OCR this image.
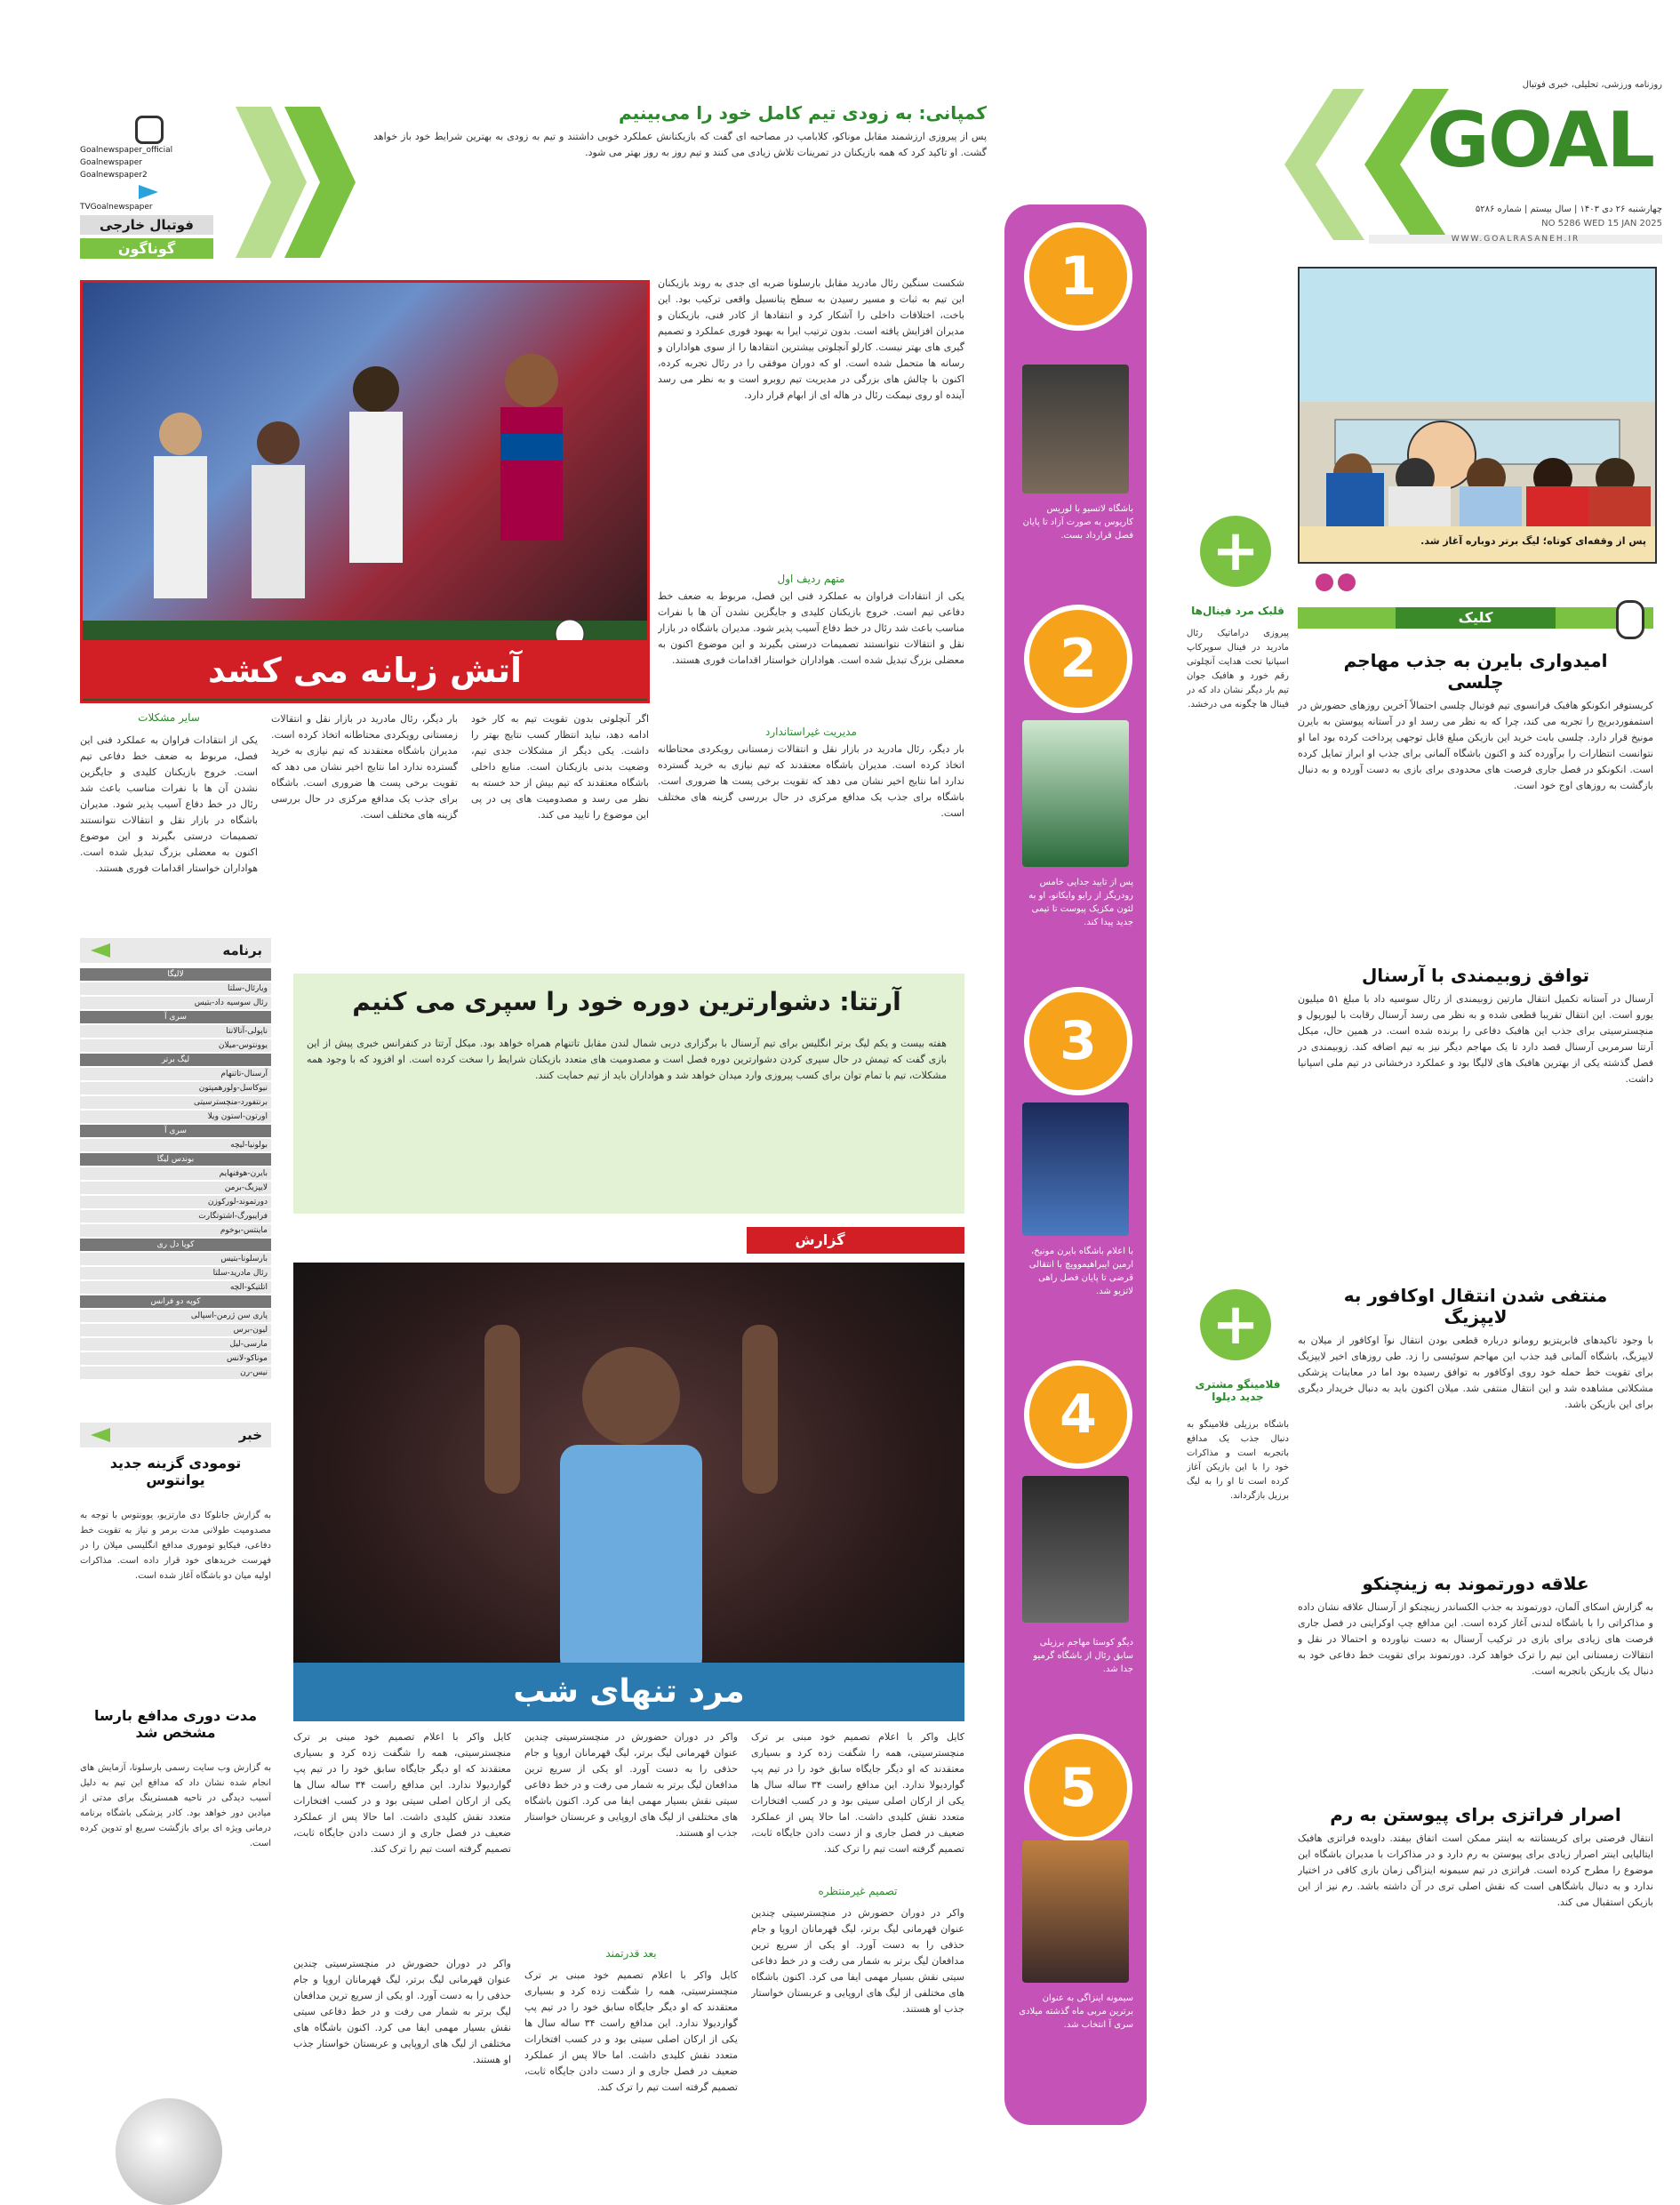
روزنامه ورزشی، تحلیلی، خبری فوتبال
GOAL
چهارشنبه ۲۶ دی ۱۴۰۳ | سال بیستم | شماره ۵۲۸۶
NO 5286 WED 15 JAN 2025
WWW.GOALRASANEH.IR
Goalnewspaper_official
Goalnewspaper
Goalnewspaper2
TVGoalnewspaper
فوتبال خارجی
گوناگون
کمپانی: به زودی تیم کامل خود را می‌بینیم
پس از پیروزی ارزشمند مقابل موناکو، کلابامپ در مصاحبه ای گفت که بازیکنانش عملکرد خوبی داشتند و تیم به زودی به بهترین شرایط خود باز خواهد گشت. او تاکید کرد که همه بازیکنان در تمرینات تلاش زیادی می کنند و تیم روز به روز بهتر می شود.
پس از وقفه‌ای کوتاه؛ لیگ برتر دوباره آغاز شد.
کلیک
امیدواری بایرن به جذب مهاجم چلسی
کریستوفر انکونکو هافبک فرانسوی تیم فوتبال چلسی احتمالاً آخرین روزهای حضورش در استمفوردبریج را تجربه می کند، چرا که به نظر می رسد او در آستانه پیوستن به بایرن مونیخ قرار دارد. چلسی بابت خرید این بازیکن مبلغ قابل توجهی پرداخت کرده بود اما او نتوانست انتظارات را برآورده کند و اکنون باشگاه آلمانی برای جذب او ابراز تمایل کرده است. انکونکو در فصل جاری فرصت های محدودی برای بازی به دست آورده و به دنبال بازگشت به روزهای اوج خود است.
توافق زوبیمندی با آرسنال
آرسنال در آستانه تکمیل انتقال مارتین زوبیمندی از رئال سوسیه داد با مبلغ ۵۱ میلیون یورو است. این انتقال تقریبا قطعی شده و به نظر می رسد آرسنال رقابت با لیورپول و منچسترسیتی برای جذب این هافبک دفاعی را برنده شده است. در همین حال، میکل آرتتا سرمربی آرسنال قصد دارد تا یک مهاجم دیگر نیز به تیم اضافه کند. زوبیمندی در فصل گذشته یکی از بهترین هافبک های لالیگا بود و عملکرد درخشانی در تیم ملی اسپانیا داشت.
منتفی شدن انتقال اوکافور به لایپزیگ
با وجود تاکیدهای فابریتزیو رومانو درباره قطعی بودن انتقال نوآ اوکافور از میلان به لایپزیگ، باشگاه آلمانی قید جذب این مهاجم سوئیسی را زد. طی روزهای اخیر لایپزیگ برای تقویت خط حمله خود روی اوکافور به توافق رسیده بود اما در معاینات پزشکی مشکلاتی مشاهده شد و این انتقال منتفی شد. میلان اکنون باید به دنبال خریدار دیگری برای این بازیکن باشد.
علاقه دورتموند به زینچنکو
به گزارش اسکای آلمان، دورتموند به جذب الکساندر زینچنکو از آرسنال علاقه نشان داده و مذاکراتی را با باشگاه لندنی آغاز کرده است. این مدافع چپ اوکراینی در فصل جاری فرصت های زیادی برای بازی در ترکیب آرسنال به دست نیاورده و احتمالا در نقل و انتقالات زمستانی این تیم را ترک خواهد کرد. دورتموند برای تقویت خط دفاعی خود به دنبال یک بازیکن باتجربه است.
اصرار فراتزی برای پیوستن به رم
انتقال فرصتی برای کریستانته به اینتر ممکن است اتفاق بیفتد. داویده فراتزی هافبک ایتالیایی اینتر اصرار زیادی برای پیوستن به رم دارد و در مذاکرات با مدیران باشگاه این موضوع را مطرح کرده است. فراتزی در تیم سیمونه اینزاگی زمان بازی کافی در اختیار ندارد و به دنبال باشگاهی است که نقش اصلی تری در آن داشته باشد. رم نیز از این بازیکن استقبال می کند.
+
قلبک مرد فینال‌ها
پیروزی دراماتیک رئال مادرید در فینال سوپرکاپ اسپانیا تحت هدایت آنچلوتی رقم خورد و هافبک جوان تیم بار دیگر نشان داد که در فینال ها چگونه می درخشد.
+
فلامینگو مشتری جدید دیلوا
باشگاه برزیلی فلامینگو به دنبال جذب یک مدافع باتجربه است و مذاکرات خود را با این بازیکن آغاز کرده است تا او را به لیگ برزیل بازگرداند.
1
باشگاه لاتسیو با لوریس کاریوس به صورت آزاد تا پایان فصل قرارداد بست.
2
پس از تایید جدایی خامس رودریگز از رایو وایکانو، او به لئون مکزیک پیوست تا تیمی جدید پیدا کند.
3
با اعلام باشگاه بایرن مونیخ، ارمین ایبراهیموویچ با انتقالی قرضی تا پایان فصل راهی لاتزیو شد.
4
دیگو کوستا مهاجم برزیلی سابق رئال از باشگاه گرمیو جدا شد.
5
سیمونه اینزاگی به عنوان برترین مربی ماه گذشته میلادی سری آ انتخاب شد.
آتش زبانه می کشد
شکست سنگین رئال مادرید مقابل بارسلونا ضربه ای جدی به روند بازیکنان این تیم به ثبات و مسیر رسیدن به سطح پتانسیل واقعی ترکیب بود. این باخت، اختلافات داخلی را آشکار کرد و انتقادها از کادر فنی، بازیکنان و مدیران افزایش یافته است. بدون ترتیب ایرا به بهبود فوری عملکرد و تصمیم گیری های بهتر نیست. کارلو آنچلوتی بیشترین انتقادها را از سوی هواداران و رسانه ها متحمل شده است. او که دوران موفقی را در رئال تجربه کرده، اکنون با چالش های بزرگی در مدیریت تیم روبرو است و به نظر می رسد آینده او روی نیمکت رئال در هاله ای از ابهام قرار دارد.
متهم ردیف اول
یکی از انتقادات فراوان به عملکرد فنی این فصل، مربوط به ضعف خط دفاعی تیم است. خروج بازیکنان کلیدی و جایگزین نشدن آن ها با نفرات مناسب باعث شد رئال در خط دفاع آسیب پذیر شود. مدیران باشگاه در بازار نقل و انتقالات نتوانستند تصمیمات درستی بگیرند و این موضوع اکنون به معضلی بزرگ تبدیل شده است. هواداران خواستار اقدامات فوری هستند.
مدیریت غیراستاندارد
بار دیگر، رئال مادرید در بازار نقل و انتقالات زمستانی رویکردی محتاطانه اتخاذ کرده است. مدیران باشگاه معتقدند که تیم نیازی به خرید گسترده ندارد اما نتایج اخیر نشان می دهد که تقویت برخی پست ها ضروری است. باشگاه برای جذب یک مدافع مرکزی در حال بررسی گزینه های مختلف است.
اگر آنچلوتی بدون تقویت تیم به کار خود ادامه دهد، نباید انتظار کسب نتایج بهتر را داشت. یکی دیگر از مشکلات جدی تیم، وضعیت بدنی بازیکنان است. منابع داخلی باشگاه معتقدند که تیم بیش از حد خسته به نظر می رسد و مصدومیت های پی در پی این موضوع را تایید می کند.
سایر مشکلات	بار دیگر، رئال مادرید در بازار نقل و انتقالات زمستانی رویکردی محتاطانه اتخاذ کرده است. مدیران باشگاه معتقدند که تیم نیازی به خرید گسترده ندارد اما نتایج اخیر نشان می دهد که تقویت برخی پست ها ضروری است. باشگاه برای جذب یک مدافع مرکزی در حال بررسی گزینه های مختلف است.
یکی از انتقادات فراوان به عملکرد فنی این فصل، مربوط به ضعف خط دفاعی تیم است. خروج بازیکنان کلیدی و جایگزین نشدن آن ها با نفرات مناسب باعث شد رئال در خط دفاع آسیب پذیر شود. مدیران باشگاه در بازار نقل و انتقالات نتوانستند تصمیمات درستی بگیرند و این موضوع اکنون به معضلی بزرگ تبدیل شده است. هواداران خواستار اقدامات فوری هستند.
برنامه
لالیگا
ویارئال-سلتا
رئال سوسیه داد-بتیس
سری آ
ناپولی-آتالانتا
یوونتوس-میلان
لیگ برتر
آرسنال-تاتنهام
نیوکاسل-ولورهمپتون
برنتفورد-منچسترسیتی
اورتون-استون ویلا
سری آ
بولونیا-لیچه
بوندس لیگا
بایرن-هوفنهایم
لایپزیگ-برمن
دورتموند-لورکوزن
فرایبورگ-اشتوتگارت
ماینتس-بوخوم
کوپا دل ری
بارسلونا-بتیس
رئال مادرید-سلتا
اتلتیکو-الچه
کوپه دو فرانس
پاری سن ژرمن-اسپالی
لیون-برس
مارسی-لیل
موناکو-لانس
نیس-رن
خبر
تومودی گزینه جدید یوانتوس
به گزارش جانلوکا دی مارتزیو، یوونتوس با توجه به مصدومیت طولانی مدت برمر و نیاز به تقویت خط دفاعی، فیکایو توموری مدافع انگلیسی میلان را در فهرست خریدهای خود قرار داده است. مذاکرات اولیه میان دو باشگاه آغاز شده است.
مدت دوری مدافع بارسا مشخص شد
به گزارش وب سایت رسمی بارسلونا، آزمایش های انجام شده نشان داد که مدافع این تیم به دلیل آسیب دیدگی در ناحیه همسترینگ برای مدتی از میادین دور خواهد بود. کادر پزشکی باشگاه برنامه درمانی ویژه ای برای بازگشت سریع او تدوین کرده است.
آرتتا: دشوارترین دوره خود را سپری می کنیم
هفته بیست و یکم لیگ برتر انگلیس برای تیم آرسنال با برگزاری دربی شمال لندن مقابل تاتنهام همراه خواهد بود. میکل آرتتا در کنفرانس خبری پیش از این بازی گفت که تیمش در حال سپری کردن دشوارترین دوره فصل است و مصدومیت های متعدد بازیکنان شرایط را سخت کرده است. او افزود که با وجود همه مشکلات، تیم با تمام توان برای کسب پیروزی وارد میدان خواهد شد و هواداران باید از تیم حمایت کنند.
گزارش
مرد تنهای شب
کایل واکر با اعلام تصمیم خود مبنی بر ترک منچسترسیتی، همه را شگفت زده کرد و بسیاری معتقدند که او دیگر جایگاه سابق خود را در تیم پپ گواردیولا ندارد. این مدافع راست ۳۴ ساله سال ها یکی از ارکان اصلی سیتی بود و در کسب افتخارات متعدد نقش کلیدی داشت. اما حالا پس از عملکرد ضعیف در فصل جاری و از دست دادن جایگاه ثابت، تصمیم گرفته است تیم را ترک کند.
تصمیم غیرمنتظره
واکر در دوران حضورش در منچسترسیتی چندین عنوان قهرمانی لیگ برتر، لیگ قهرمانان اروپا و جام حذفی را به دست آورد. او یکی از سریع ترین مدافعان لیگ برتر به شمار می رفت و در خط دفاعی سیتی نقش بسیار مهمی ایفا می کرد. اکنون باشگاه های مختلفی از لیگ های اروپایی و عربستان خواستار جذب او هستند.
واکر در دوران حضورش در منچسترسیتی چندین عنوان قهرمانی لیگ برتر، لیگ قهرمانان اروپا و جام حذفی را به دست آورد. او یکی از سریع ترین مدافعان لیگ برتر به شمار می رفت و در خط دفاعی سیتی نقش بسیار مهمی ایفا می کرد. اکنون باشگاه های مختلفی از لیگ های اروپایی و عربستان خواستار جذب او هستند.
بعد قدرتمند
کایل واکر با اعلام تصمیم خود مبنی بر ترک منچسترسیتی، همه را شگفت زده کرد و بسیاری معتقدند که او دیگر جایگاه سابق خود را در تیم پپ گواردیولا ندارد. این مدافع راست ۳۴ ساله سال ها یکی از ارکان اصلی سیتی بود و در کسب افتخارات متعدد نقش کلیدی داشت. اما حالا پس از عملکرد ضعیف در فصل جاری و از دست دادن جایگاه ثابت، تصمیم گرفته است تیم را ترک کند.
کایل واکر با اعلام تصمیم خود مبنی بر ترک منچسترسیتی، همه را شگفت زده کرد و بسیاری معتقدند که او دیگر جایگاه سابق خود را در تیم پپ گواردیولا ندارد. این مدافع راست ۳۴ ساله سال ها یکی از ارکان اصلی سیتی بود و در کسب افتخارات متعدد نقش کلیدی داشت. اما حالا پس از عملکرد ضعیف در فصل جاری و از دست دادن جایگاه ثابت، تصمیم گرفته است تیم را ترک کند.
واکر در دوران حضورش در منچسترسیتی چندین عنوان قهرمانی لیگ برتر، لیگ قهرمانان اروپا و جام حذفی را به دست آورد. او یکی از سریع ترین مدافعان لیگ برتر به شمار می رفت و در خط دفاعی سیتی نقش بسیار مهمی ایفا می کرد. اکنون باشگاه های مختلفی از لیگ های اروپایی و عربستان خواستار جذب او هستند.
